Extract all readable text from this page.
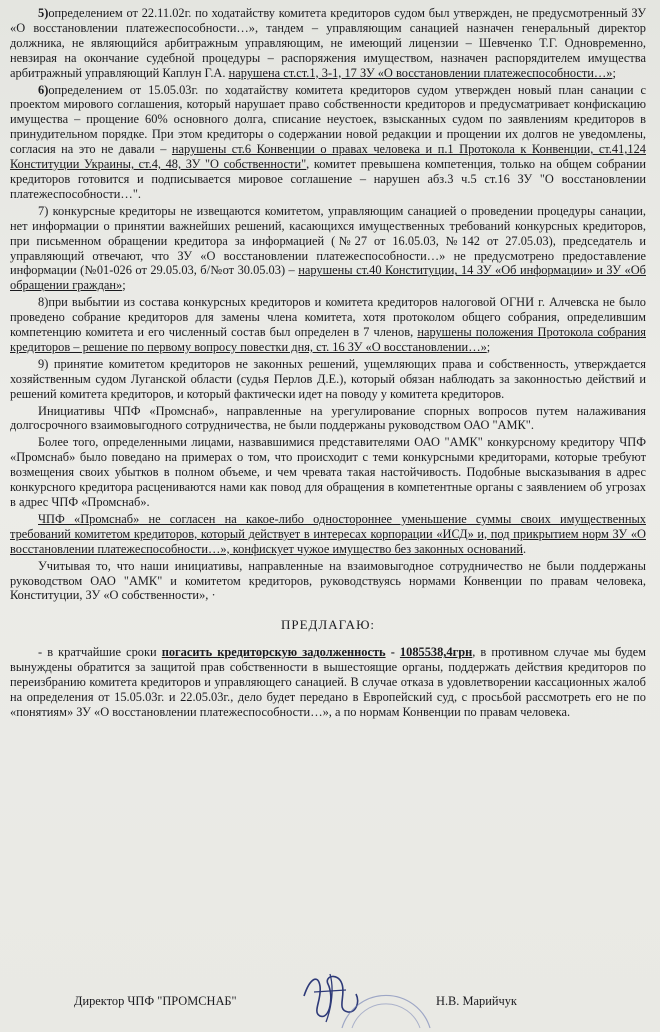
5)определением от 22.11.02г. по ходатайству комитета кредиторов судом был утвержден, не предусмотренный ЗУ «О восстановлении платежеспособности…», тандем – управляющим санацией назначен генеральный директор должника, не являющийся арбитражным управляющим, не имеющий лицензии – Шевченко Т.Г. Одновременно, невзирая на окончание судебной процедуры – распоряжения имуществом, назначен распорядителем имущества арбитражный управляющий Каплун Г.А. нарушена ст.ст.1, 3-1, 17 ЗУ «О восстановлении платежеспособности…»;

6)определением от 15.05.03г. по ходатайству комитета кредиторов судом утвержден новый план санации с проектом мирового соглашения, который нарушает право собственности кредиторов и предусматривает конфискацию имущества – прощение 60% основного долга, списание неустоек, взысканных судом по заявлениям кредиторов в принудительном порядке. При этом кредиторы о содержании новой редакции и прощении их долгов не уведомлены, согласия на это не давали – нарушены ст.6 Конвенции о правах человека и п.1 Протокола к Конвенции, ст.41,124 Конституции Украины, ст.4, 48, ЗУ "О собственности", комитет превышена компетенция, только на общем собрании кредиторов готовится и подписывается мировое соглашение – нарушен абз.3 ч.5 ст.16 ЗУ "О восстановлении платежеспособности…".

7) конкурсные кредиторы не извещаются комитетом, управляющим санацией о проведении процедуры санации, нет информации о принятии важнейших решений, касающихся имущественных требований конкурсных кредиторов, при письменном обращении кредитора за информацией (№27 от 16.05.03, №142 от 27.05.03), председатель и управляющий отвечают, что ЗУ «О восстановлении платежеспособности…» не предусмотрено предоставление информации (№01-026 от 29.05.03, б/№от 30.05.03) – нарушены ст.40 Конституции, 14 ЗУ «Об информации» и ЗУ «Об обращении граждан»;

8)при выбытии из состава конкурсных кредиторов и комитета кредиторов налоговой ОГНИ г. Алчевска не было проведено собрание кредиторов для замены члена комитета, хотя протоколом общего собрания, определившим компетенцию комитета и его численный состав был определен в 7 членов, нарушены положения Протокола собрания кредиторов – решение по первому вопросу повестки дня, ст. 16 ЗУ «О восстановлении…»;

9) принятие комитетом кредиторов не законных решений, ущемляющих права и собственность, утверждается хозяйственным судом Луганской области (судья Перлов Д.Е.), который обязан наблюдать за законностью действий и решений комитета кредиторов, и который фактически идет на поводу у комитета кредиторов.

Инициативы ЧПФ «Промснаб», направленные на урегулирование спорных вопросов путем налаживания долгосрочного взаимовыгодного сотрудничества, не были поддержаны руководством ОАО "АМК".

Более того, определенными лицами, назвавшимися представителями ОАО "АМК" конкурсному кредитору ЧПФ «Промснаб» было поведано на примерах о том, что происходит с теми конкурсными кредиторами, которые требуют возмещения своих убытков в полном объеме, и чем чревата такая настойчивость. Подобные высказывания в адрес конкурсного кредитора расцениваются нами как повод для обращения в компетентные органы с заявлением об угрозах в адрес ЧПФ «Промснаб».

ЧПФ «Промснаб» не согласен на какое-либо одностороннее уменьшение суммы своих имущественных требований комитетом кредиторов, который действует в интересах корпорации «ИСД» и, под прикрытием норм ЗУ «О восстановлении платежеспособности…», конфискует чужое имущество без законных оснований.

Учитывая то, что наши инициативы, направленные на взаимовыгодное сотрудничество не были поддержаны руководством ОАО "АМК" и комитетом кредиторов, руководствуясь нормами Конвенции по правам человека, Конституции, ЗУ «О собственности», ·

ПРЕДЛАГАЮ:

- в кратчайшие сроки погасить кредиторскую задолженность - 1085538,4грн, в противном случае мы будем вынуждены обратится за защитой прав собственности в вышестоящие органы, поддержать действия кредиторов по переизбранию комитета кредиторов и управляющего санацией. В случае отказа в удовлетворении кассационных жалоб на определения от 15.05.03г. и 22.05.03г., дело будет передано в Европейский суд, с просьбой рассмотреть его не по «понятиям» ЗУ «О восстановлении платежеспособности…», а по нормам Конвенции по правам человека.

Директор ЧПФ "ПРОМСНАБ"	Н.В. Марийчук
